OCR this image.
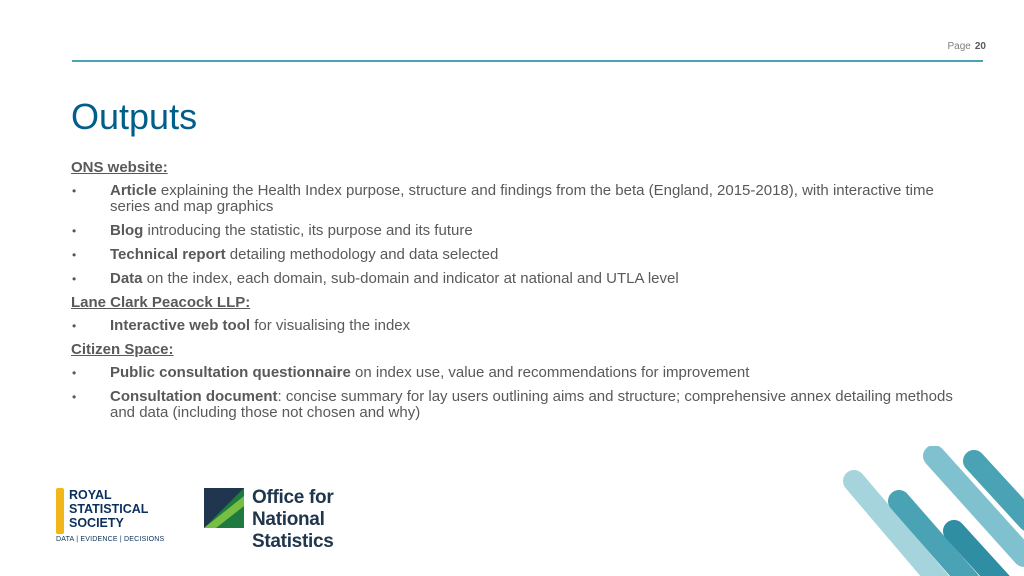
Page 20
Outputs
ONS website:
•	Article explaining the Health Index purpose, structure and findings from the beta (England, 2015-2018), with interactive time series and map graphics
•	Blog introducing the statistic, its purpose and its future
•	Technical report detailing methodology and data selected
•	Data on the index, each domain, sub-domain and indicator at national and UTLA level
Lane Clark Peacock LLP:
•	Interactive web tool for visualising the index
Citizen Space:
•	Public consultation questionnaire on index use, value and recommendations for improvement
•	Consultation document: concise summary for lay users outlining aims and structure; comprehensive annex detailing methods and data (including those not chosen and why)
ROYAL
STATISTICAL
SOCIETY
DATA | EVIDENCE | DECISIONS
Office for
National Statistics
